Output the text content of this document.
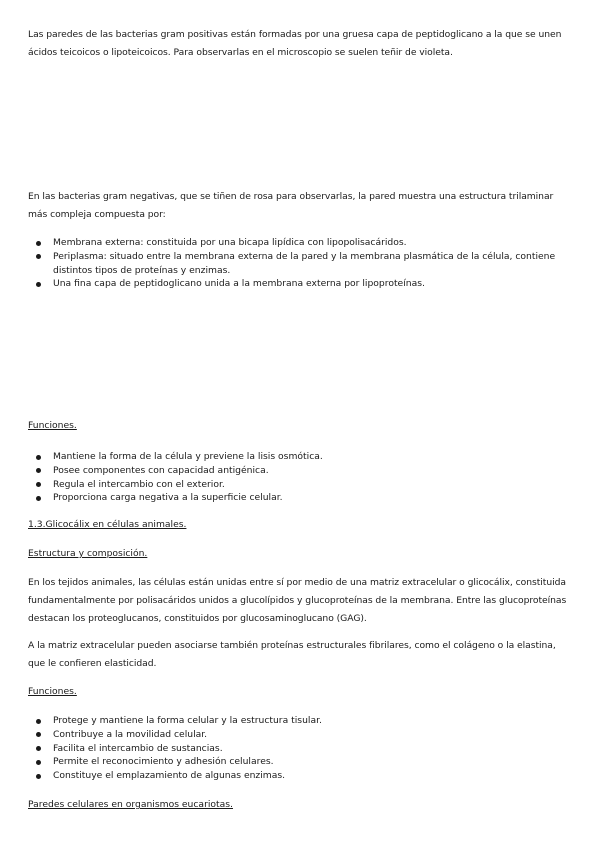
Las paredes de las bacterias gram positivas están formadas por una gruesa capa de peptidoglicano a la que se unen ácidos teicoicos o lipoteicoicos. Para observarlas en el microscopio se suelen teñir de violeta.

En las bacterias gram negativas, que se tiñen de rosa para observarlas, la pared muestra una estructura trilaminar más compleja compuesta por:

Membrana externa: constituida por una bicapa lipídica con lipopolisacáridos.
Periplasma: situado entre la membrana externa de la pared y la membrana plasmática de la célula, contiene distintos tipos de proteínas y enzimas.
Una fina capa de peptidoglicano unida a la membrana externa por lipoproteínas.

Funciones.

Mantiene la forma de la célula y previene la lisis osmótica.
Posee componentes con capacidad antigénica.
Regula el intercambio con el exterior.
Proporciona carga negativa a la superficie celular.

1.3.Glicocálix en células animales.

Estructura y composición.

En los tejidos animales, las células están unidas entre sí por medio de una matriz extracelular o glicocálix, constituida fundamentalmente por polisacáridos unidos a glucolípidos y glucoproteínas de la membrana. Entre las glucoproteínas destacan los proteoglucanos, constituidos por glucosaminoglucano (GAG).

A la matriz extracelular pueden asociarse también proteínas estructurales fibrilares, como el colágeno o la elastina, que le confieren elasticidad.

Funciones.

Protege y mantiene la forma celular y la estructura tisular.
Contribuye a la movilidad celular.
Facilita el intercambio de sustancias.
Permite el reconocimiento y adhesión celulares.
Constituye el emplazamiento de algunas enzimas.

Paredes celulares en organismos eucariotas.
